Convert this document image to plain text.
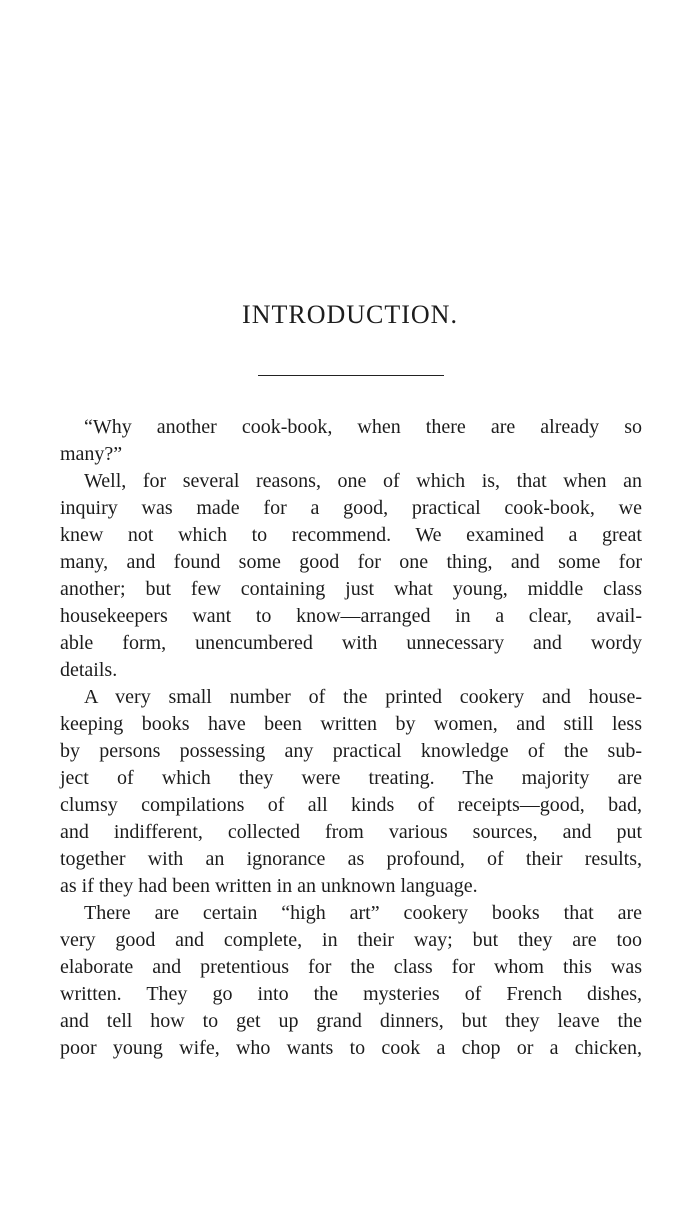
INTRODUCTION.
“Why another cook-book, when there are already so
many?”
Well, for several reasons, one of which is, that when an
inquiry was made for a good, practical cook-book, we
knew not which to recommend. We examined a great
many, and found some good for one thing, and some for
another; but few containing just what young, middle class
housekeepers want to know—arranged in a clear, avail-
able form, unencumbered with unnecessary and wordy
details.
A very small number of the printed cookery and house-
keeping books have been written by women, and still less
by persons possessing any practical knowledge of the sub-
ject of which they were treating. The majority are
clumsy compilations of all kinds of receipts—good, bad,
and indifferent, collected from various sources, and put
together with an ignorance as profound, of their results,
as if they had been written in an unknown language.
There are certain “high art” cookery books that are
very good and complete, in their way; but they are too
elaborate and pretentious for the class for whom this was
written. They go into the mysteries of French dishes,
and tell how to get up grand dinners, but they leave the
poor young wife, who wants to cook a chop or a chicken,
